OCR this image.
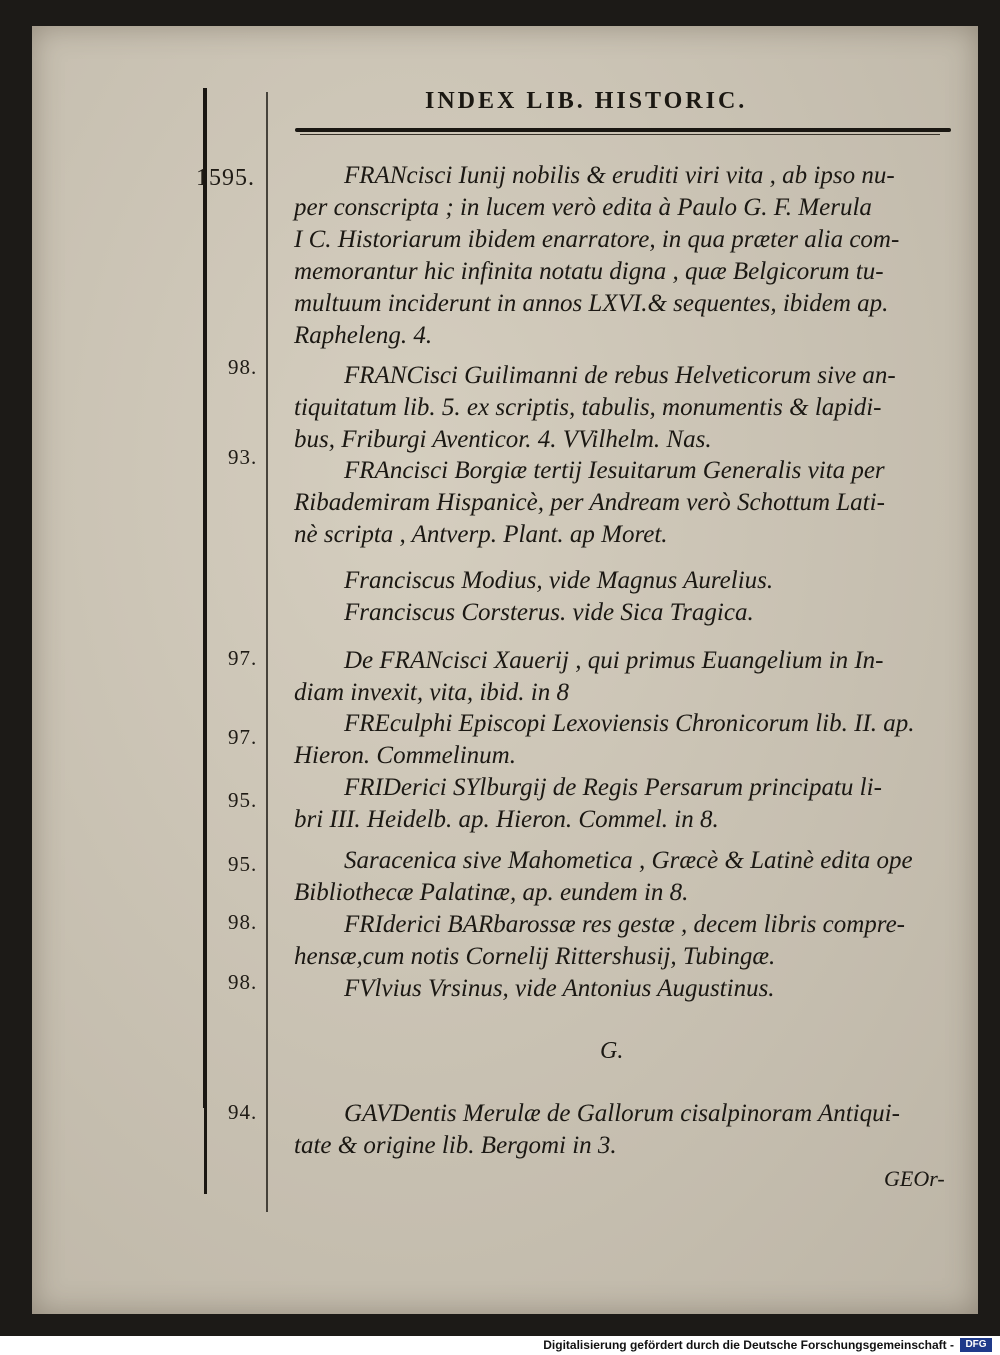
INDEX LIB. HISTORIC.
1595.
98.
93.
97.
97.
95.
95.
98.
98.
94.
FRANcisci Iunij nobilis & eruditi viri vita , ab ipso nu-
per conscripta ; in lucem verò edita à Paulo G. F. Merula
I C. Historiarum ibidem enarratore, in qua præter alia com-
memorantur hic infinita notatu digna , quæ Belgicorum tu-
multuum inciderunt in annos LXVI.& sequentes, ibidem ap.
Rapheleng. 4.
FRANCisci Guilimanni de rebus Helveticorum sive an-
tiquitatum lib. 5. ex scriptis, tabulis, monumentis & lapidi-
bus, Friburgi Aventicor. 4. VVilhelm. Nas.
FRAncisci Borgiæ tertij Iesuitarum Generalis vita per
Ribademiram Hispanicè, per Andream verò Schottum Lati-
nè scripta , Antverp. Plant. ap Moret.
Franciscus Modius, vide Magnus Aurelius.
Franciscus Corsterus. vide Sica Tragica.
De FRANcisci Xauerij , qui primus Euangelium in In-
diam invexit, vita, ibid. in 8
FREculphi Episcopi Lexoviensis Chronicorum lib. II. ap.
Hieron. Commelinum.
FRIDerici SYlburgij de Regis Persarum principatu li-
bri III. Heidelb. ap. Hieron. Commel. in 8.
Saracenica sive Mahometica , Græcè & Latinè edita ope
Bibliothecæ Palatinæ, ap. eundem in 8.
FRIderici BARbarossæ res gestæ , decem libris compre-
hensæ,cum notis Cornelij Rittershusij, Tubingæ.
FVlvius Vrsinus, vide Antonius Augustinus.
G.
GAVDentis Merulæ de Gallorum cisalpinoram Antiqui-
tate & origine lib. Bergomi in 3.
GEOr-
Digitalisierung gefördert durch die Deutsche Forschungsgemeinschaft -	DFG
